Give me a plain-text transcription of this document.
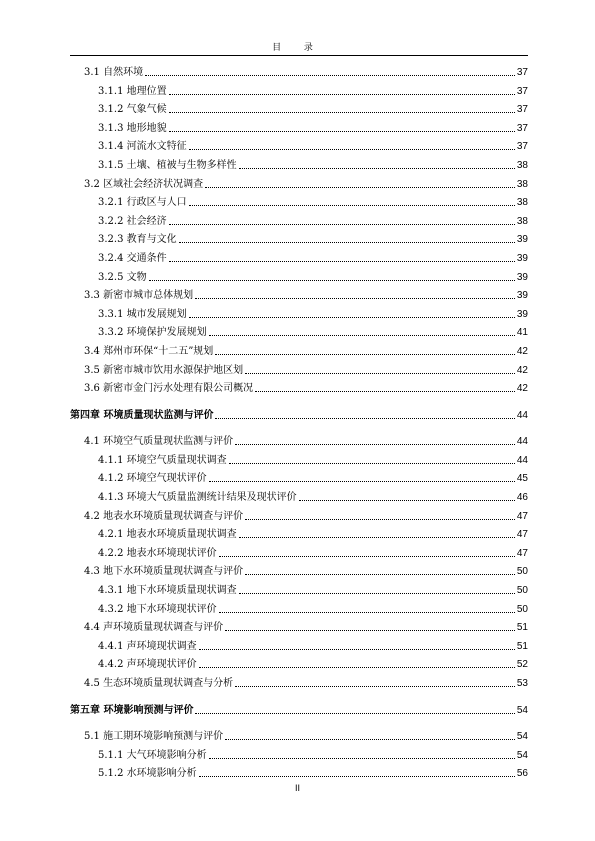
目 录
3.1 自然环境	37
3.1.1 地理位置	37
3.1.2 气象气候	37
3.1.3 地形地貌	37
3.1.4 河流水文特征	37
3.1.5 土壤、植被与生物多样性	38
3.2 区域社会经济状况调查	38
3.2.1 行政区与人口	38
3.2.2 社会经济	38
3.2.3 教育与文化	39
3.2.4 交通条件	39
3.2.5 文物	39
3.3 新密市城市总体规划	39
3.3.1 城市发展规划	39
3.3.2 环境保护发展规划	41
3.4 郑州市环保“十二五”规划	42
3.5 新密市城市饮用水源保护地区划	42
3.6 新密市金门污水处理有限公司概况	42
第四章 环境质量现状监测与评价	44
4.1 环境空气质量现状监测与评价	44
4.1.1 环境空气质量现状调查	44
4.1.2 环境空气现状评价	45
4.1.3 环境大气质量监测统计结果及现状评价	46
4.2 地表水环境质量现状调查与评价	47
4.2.1 地表水环境质量现状调查	47
4.2.2 地表水环境现状评价	47
4.3 地下水环境质量现状调查与评价	50
4.3.1 地下水环境质量现状调查	50
4.3.2 地下水环境现状评价	50
4.4 声环境质量现状调查与评价	51
4.4.1 声环境现状调查	51
4.4.2 声环境现状评价	52
4.5 生态环境质量现状调查与分析	53
第五章 环境影响预测与评价	54
5.1 施工期环境影响预测与评价	54
5.1.1 大气环境影响分析	54
5.1.2 水环境影响分析	56
II
